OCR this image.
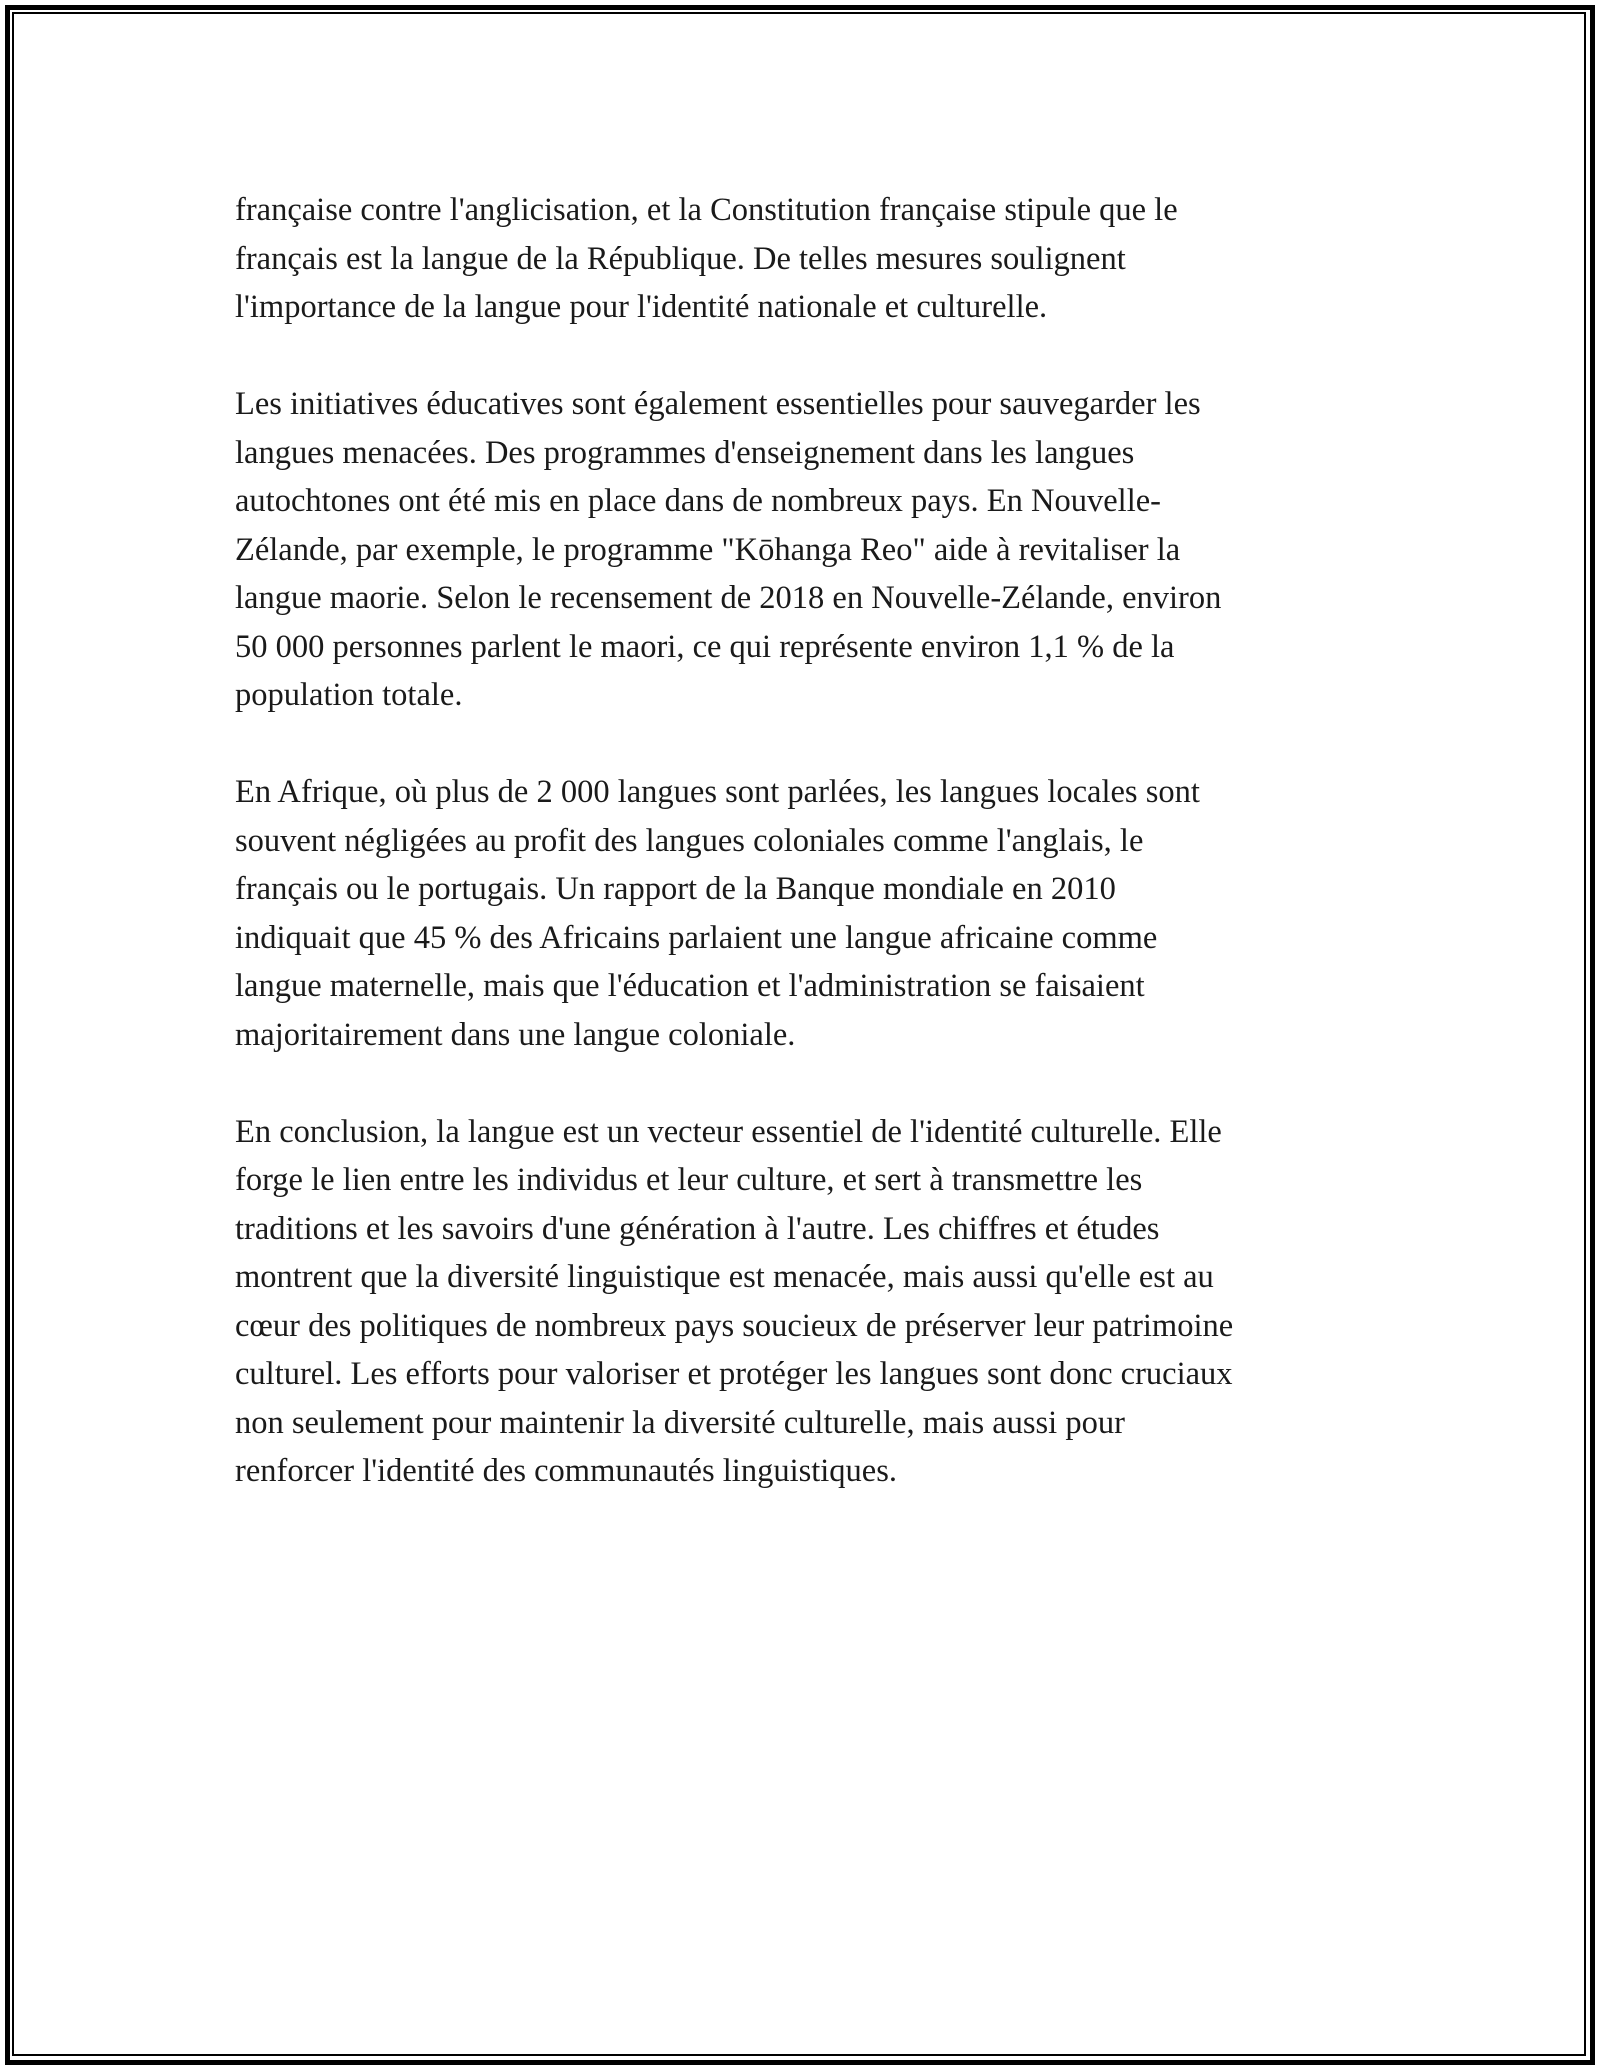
française contre l'anglicisation, et la Constitution française stipule que le
français est la langue de la République. De telles mesures soulignent
l'importance de la langue pour l'identité nationale et culturelle.

Les initiatives éducatives sont également essentielles pour sauvegarder les
langues menacées. Des programmes d'enseignement dans les langues
autochtones ont été mis en place dans de nombreux pays. En Nouvelle-
Zélande, par exemple, le programme "Kōhanga Reo" aide à revitaliser la
langue maorie. Selon le recensement de 2018 en Nouvelle-Zélande, environ
50 000 personnes parlent le maori, ce qui représente environ 1,1 % de la
population totale.

En Afrique, où plus de 2 000 langues sont parlées, les langues locales sont
souvent négligées au profit des langues coloniales comme l'anglais, le
français ou le portugais. Un rapport de la Banque mondiale en 2010
indiquait que 45 % des Africains parlaient une langue africaine comme
langue maternelle, mais que l'éducation et l'administration se faisaient
majoritairement dans une langue coloniale.

En conclusion, la langue est un vecteur essentiel de l'identité culturelle. Elle
forge le lien entre les individus et leur culture, et sert à transmettre les
traditions et les savoirs d'une génération à l'autre. Les chiffres et études
montrent que la diversité linguistique est menacée, mais aussi qu'elle est au
cœur des politiques de nombreux pays soucieux de préserver leur patrimoine
culturel. Les efforts pour valoriser et protéger les langues sont donc cruciaux
non seulement pour maintenir la diversité culturelle, mais aussi pour
renforcer l'identité des communautés linguistiques.
